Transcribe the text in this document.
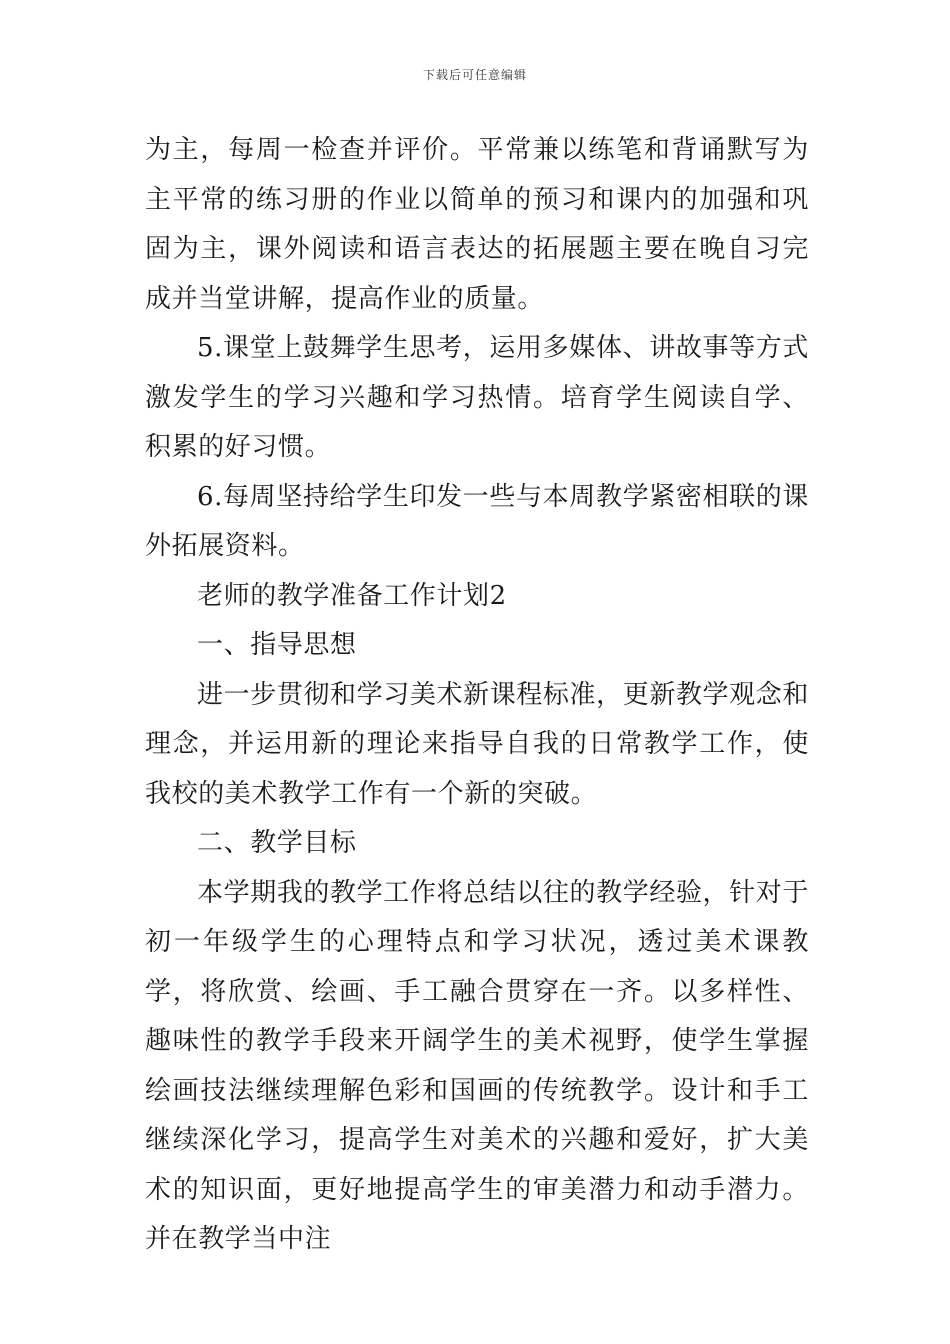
下载后可任意编辑

为主，每周一检查并评价。平常兼以练笔和背诵默写为主平常的练习册的作业以简单的预习和课内的加强和巩固为主，课外阅读和语言表达的拓展题主要在晚自习完成并当堂讲解，提高作业的质量。

5.课堂上鼓舞学生思考，运用多媒体、讲故事等方式激发学生的学习兴趣和学习热情。培育学生阅读自学、积累的好习惯。

6.每周坚持给学生印发一些与本周教学紧密相联的课外拓展资料。

老师的教学准备工作计划2

一、指导思想

进一步贯彻和学习美术新课程标准，更新教学观念和理念，并运用新的理论来指导自我的日常教学工作，使我校的美术教学工作有一个新的突破。

二、教学目标

本学期我的教学工作将总结以往的教学经验，针对于初一年级学生的心理特点和学习状况，透过美术课教学，将欣赏、绘画、手工融合贯穿在一齐。以多样性、趣味性的教学手段来开阔学生的美术视野，使学生掌握绘画技法继续理解色彩和国画的传统教学。设计和手工继续深化学习，提高学生对美术的兴趣和爱好，扩大美术的知识面，更好地提高学生的审美潜力和动手潜力。并在教学当中注
